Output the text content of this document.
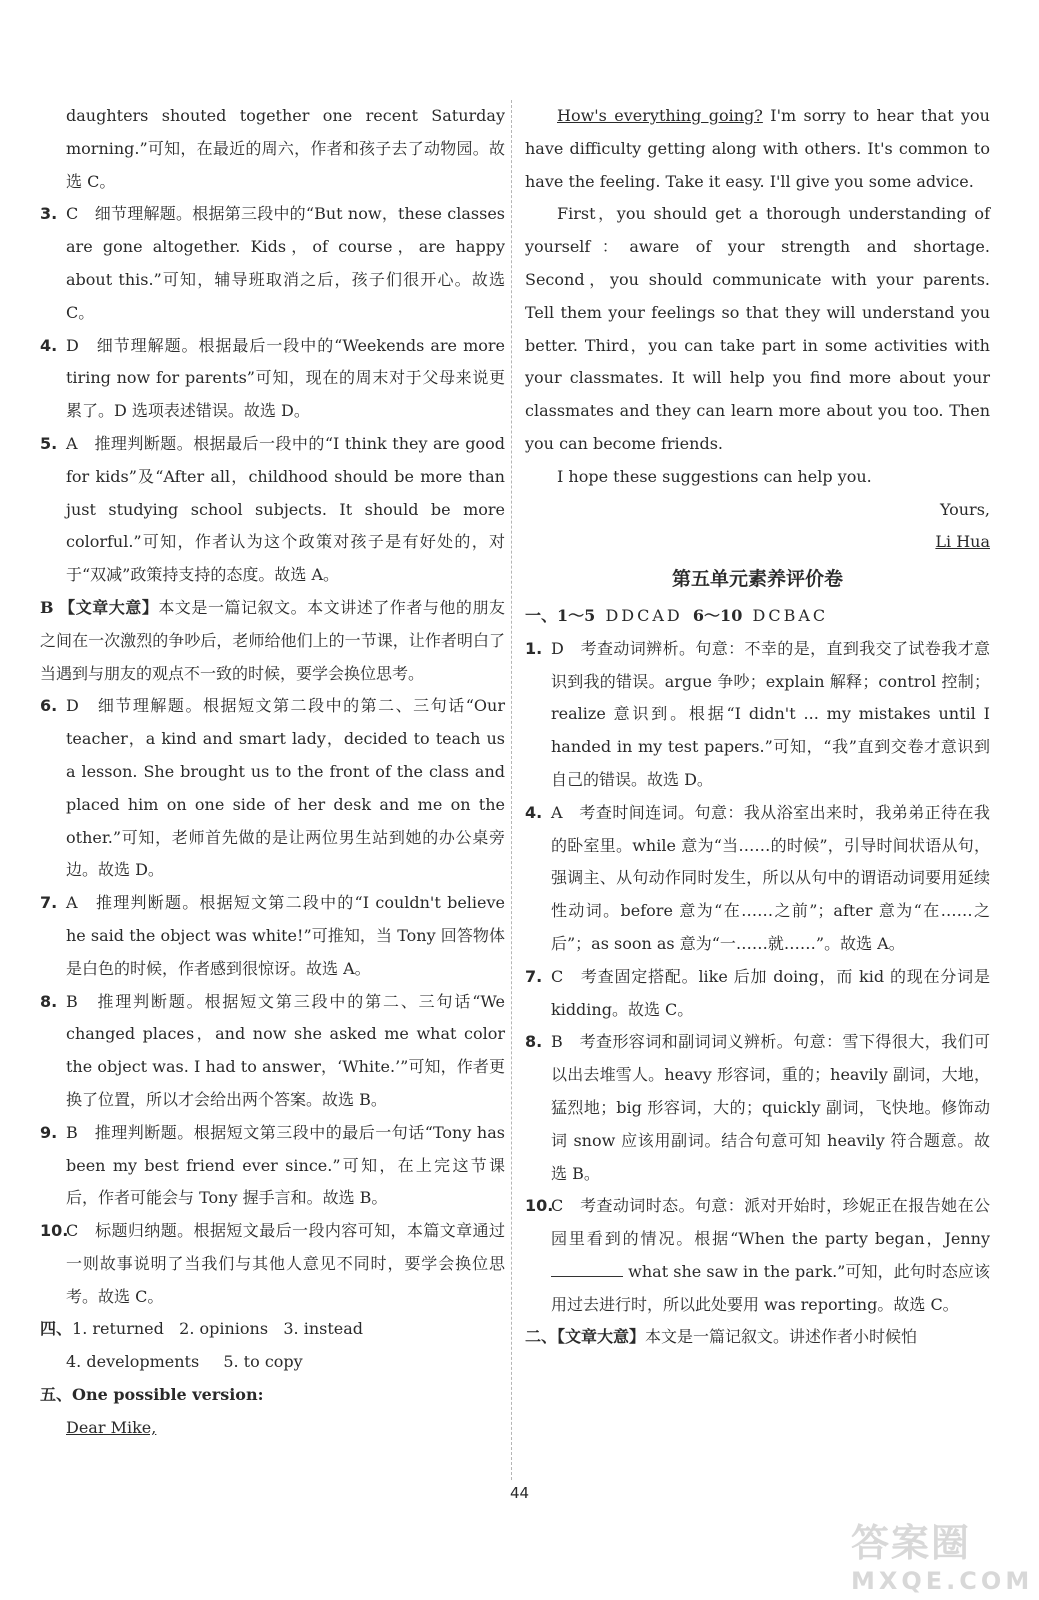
daughters shouted together one recent Saturday morning.”可知，在最近的周六，作者和孩子去了动物园。故选 C。

3. C　细节理解题。根据第三段中的“But now，these classes are gone altogether. Kids，of course，are happy about this.”可知，辅导班取消之后，孩子们很开心。故选 C。

4. D　细节理解题。根据最后一段中的“Weekends are more tiring now for parents”可知，现在的周末对于父母来说更累了。D 选项表述错误。故选 D。

5. A　推理判断题。根据最后一段中的“I think they are good for kids”及“After all，childhood should be more than just studying school subjects. It should be more colorful.”可知，作者认为这个政策对孩子是有好处的，对于“双减”政策持支持的态度。故选 A。

B 【文章大意】本文是一篇记叙文。本文讲述了作者与他的朋友之间在一次激烈的争吵后，老师给他们上的一节课，让作者明白了当遇到与朋友的观点不一致的时候，要学会换位思考。

6. D　细节理解题。根据短文第二段中的第二、三句话“Our teacher，a kind and smart lady，decided to teach us a lesson. She brought us to the front of the class and placed him on one side of her desk and me on the other.”可知，老师首先做的是让两位男生站到她的办公桌旁边。故选 D。

7. A　推理判断题。根据短文第二段中的“I couldn't believe he said the object was white!”可推知，当 Tony 回答物体是白色的时候，作者感到很惊讶。故选 A。

8. B　推理判断题。根据短文第三段中的第二、三句话“We changed places，and now she asked me what color the object was. I had to answer，‘White.’”可知，作者更换了位置，所以才会给出两个答案。故选 B。

9. B　推理判断题。根据短文第三段中的最后一句话“Tony has been my best friend ever since.”可知，在上完这节课后，作者可能会与 Tony 握手言和。故选 B。

10.C　标题归纳题。根据短文最后一段内容可知，本篇文章通过一则故事说明了当我们与其他人意见不同时，要学会换位思考。故选 C。

四、1. returned 2. opinions 3. instead

4. developments 5. to copy

五、One possible version:

Dear Mike,

How's everything going? I'm sorry to hear that you have difficulty getting along with others. It's common to have the feeling. Take it easy. I'll give you some advice.

First，you should get a thorough understanding of yourself：aware of your strength and shortage. Second，you should communicate with your parents. Tell them your feelings so that they will understand you better. Third，you can take part in some activities with your classmates. It will help you find more about your classmates and they can learn more about you too. Then you can become friends.

I hope these suggestions can help you.

Yours,

Li Hua

第五单元素养评价卷

一、1～5 DDCAD 6～10 DCBAC

1. D　考查动词辨析。句意：不幸的是，直到我交了试卷我才意识到我的错误。argue 争吵；explain 解释；control 控制；realize 意识到。根据“I didn't ... my mistakes until I handed in my test papers.”可知，“我”直到交卷才意识到自己的错误。故选 D。

4. A　考查时间连词。句意：我从浴室出来时，我弟弟正待在我的卧室里。while 意为“当……的时候”，引导时间状语从句，强调主、从句动作同时发生，所以从句中的谓语动词要用延续性动词。before 意为“在……之前”；after 意为“在……之后”；as soon as 意为“一……就……”。故选 A。

7. C　考查固定搭配。like 后加 doing，而 kid 的现在分词是 kidding。故选 C。

8. B　考查形容词和副词词义辨析。句意：雪下得很大，我们可以出去堆雪人。heavy 形容词，重的；heavily 副词，大地，猛烈地；big 形容词，大的；quickly 副词，飞快地。修饰动词 snow 应该用副词。结合句意可知 heavily 符合题意。故选 B。

10.C　考查动词时态。句意：派对开始时，珍妮正在报告她在公园里看到的情况。根据“When the party began，Jenny  what she saw in the park.”可知，此句时态应该用过去进行时，所以此处要用 was reporting。故选 C。

二、【文章大意】本文是一篇记叙文。讲述作者小时候怕

44
答案圈
MXQE.COM
